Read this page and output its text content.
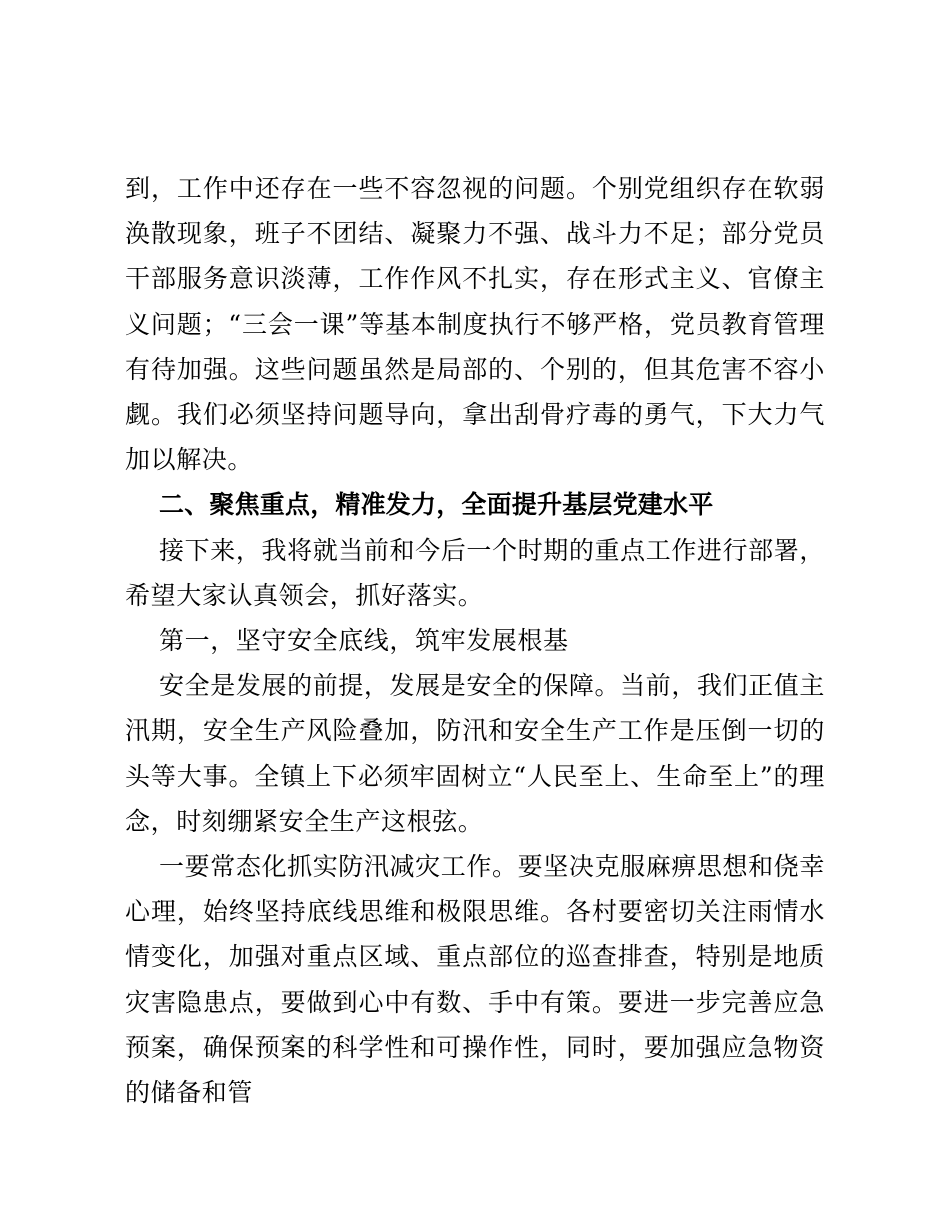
到，工作中还存在一些不容忽视的问题。个别党组织存在软弱涣散现象，班子不团结、凝聚力不强、战斗力不足；部分党员干部服务意识淡薄，工作作风不扎实，存在形式主义、官僚主义问题；“三会一课”等基本制度执行不够严格，党员教育管理有待加强。这些问题虽然是局部的、个别的，但其危害不容小觑。我们必须坚持问题导向，拿出刮骨疗毒的勇气，下大力气加以解决。

二、聚焦重点，精准发力，全面提升基层党建水平

接下来，我将就当前和今后一个时期的重点工作进行部署，希望大家认真领会，抓好落实。

第一，坚守安全底线，筑牢发展根基

安全是发展的前提，发展是安全的保障。当前，我们正值主汛期，安全生产风险叠加，防汛和安全生产工作是压倒一切的头等大事。全镇上下必须牢固树立“人民至上、生命至上”的理念，时刻绷紧安全生产这根弦。

一要常态化抓实防汛减灾工作。要坚决克服麻痹思想和侥幸心理，始终坚持底线思维和极限思维。各村要密切关注雨情水情变化，加强对重点区域、重点部位的巡查排查，特别是地质灾害隐患点，要做到心中有数、手中有策。要进一步完善应急预案，确保预案的科学性和可操作性，同时，要加强应急物资的储备和管
